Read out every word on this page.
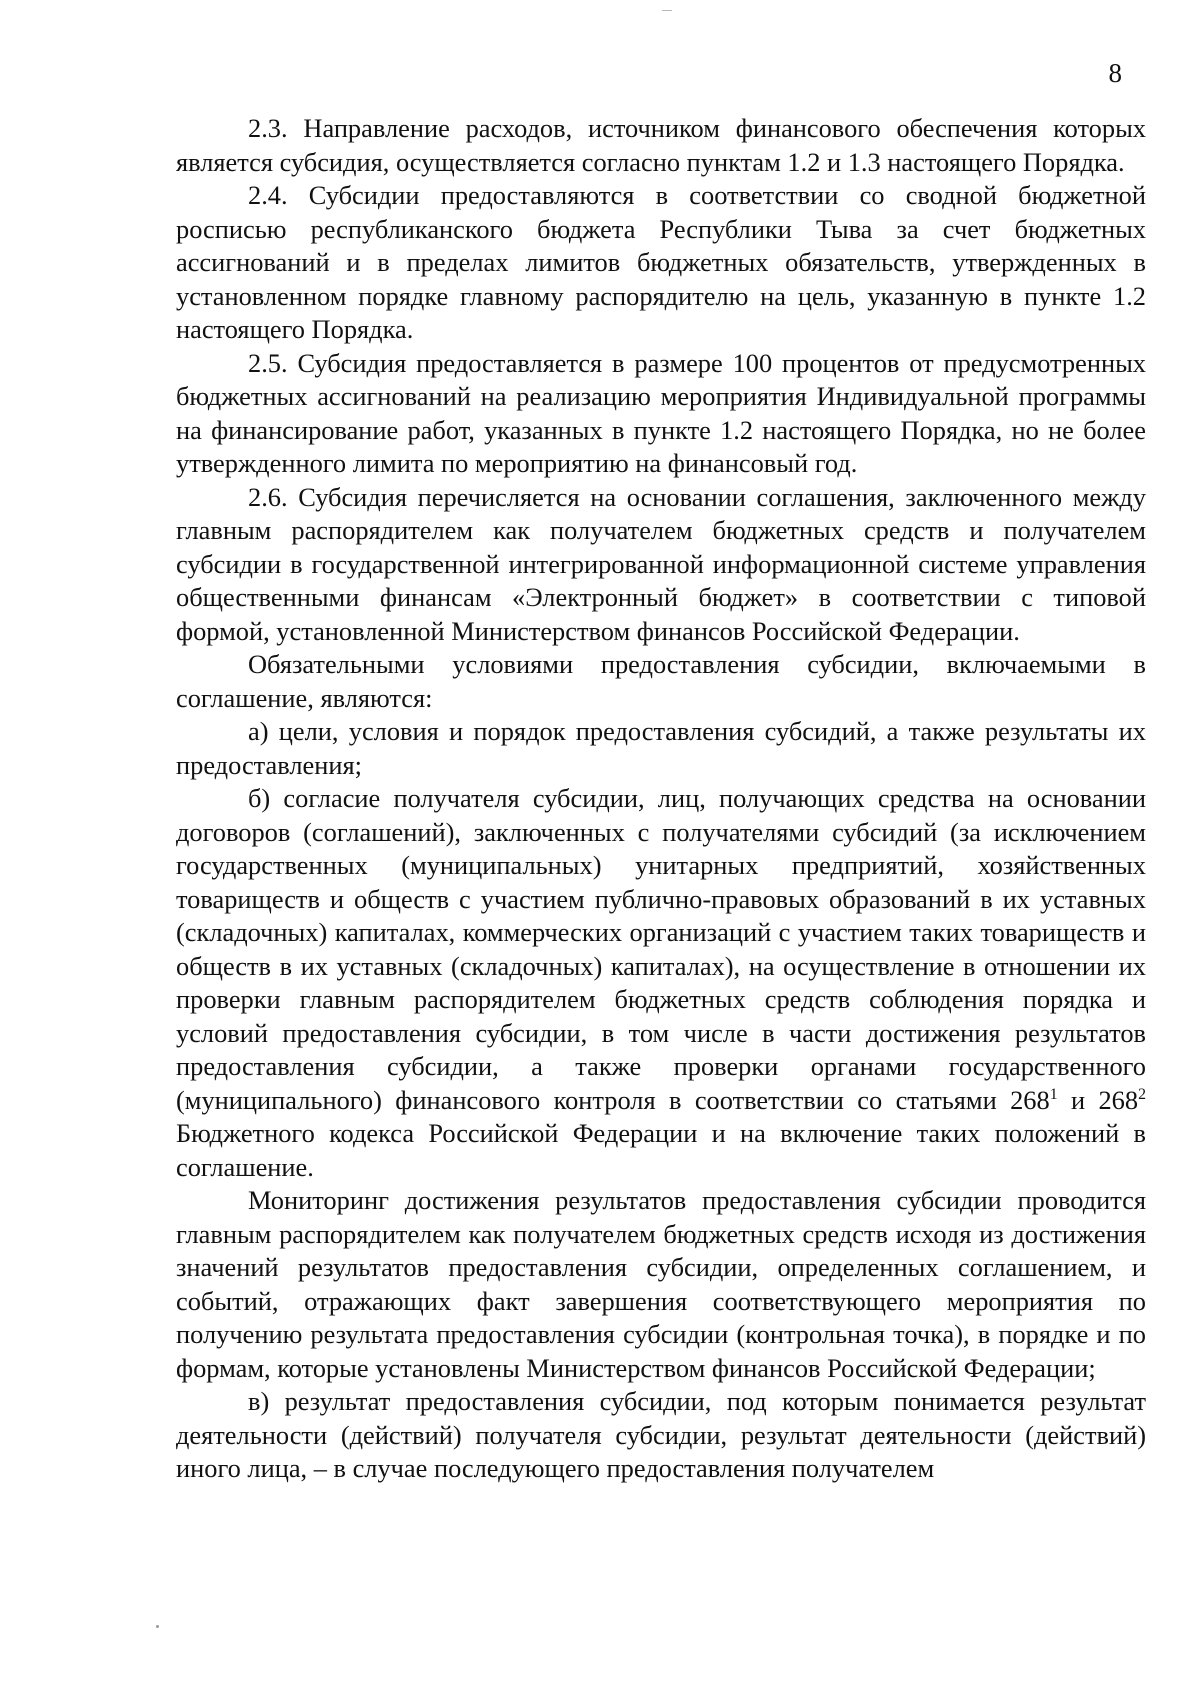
8

2.3. Направление расходов, источником финансового обеспечения которых является субсидия, осуществляется согласно пунктам 1.2 и 1.3 настоящего Порядка.

2.4. Субсидии предоставляются в соответствии со сводной бюджетной росписью республиканского бюджета Республики Тыва за счет бюджетных ассигнований и в пределах лимитов бюджетных обязательств, утвержденных в установленном порядке главному распорядителю на цель, указанную в пункте 1.2 настоящего Порядка.

2.5. Субсидия предоставляется в размере 100 процентов от предусмотренных бюджетных ассигнований на реализацию мероприятия Индивидуальной программы на финансирование работ, указанных в пункте 1.2 настоящего Порядка, но не более утвержденного лимита по мероприятию на финансовый год.

2.6. Субсидия перечисляется на основании соглашения, заключенного между главным распорядителем как получателем бюджетных средств и получателем субсидии в государственной интегрированной информационной системе управления общественными финансам «Электронный бюджет» в соответствии с типовой формой, установленной Министерством финансов Российской Федерации.

Обязательными условиями предоставления субсидии, включаемыми в соглашение, являются:

а) цели, условия и порядок предоставления субсидий, а также результаты их предоставления;

б) согласие получателя субсидии, лиц, получающих средства на основании договоров (соглашений), заключенных с получателями субсидий (за исключением государственных (муниципальных) унитарных предприятий, хозяйственных товариществ и обществ с участием публично-правовых образований в их уставных (складочных) капиталах, коммерческих организаций с участием таких товариществ и обществ в их уставных (складочных) капиталах), на осуществление в отношении их проверки главным распорядителем бюджетных средств соблюдения порядка и условий предоставления субсидии, в том числе в части достижения результатов предоставления субсидии, а также проверки органами государственного (муниципального) финансового контроля в соответствии со статьями $268^1$ и $268^2$ Бюджетного кодекса Российской Федерации и на включение таких положений в соглашение.

Мониторинг достижения результатов предоставления субсидии проводится главным распорядителем как получателем бюджетных средств исходя из достижения значений результатов предоставления субсидии, определенных соглашением, и событий, отражающих факт завершения соответствующего мероприятия по получению результата предоставления субсидии (контрольная точка), в порядке и по формам, которые установлены Министерством финансов Российской Федерации;

в) результат предоставления субсидии, под которым понимается результат деятельности (действий) получателя субсидии, результат деятельности (действий) иного лица, – в случае последующего предоставления получателем
